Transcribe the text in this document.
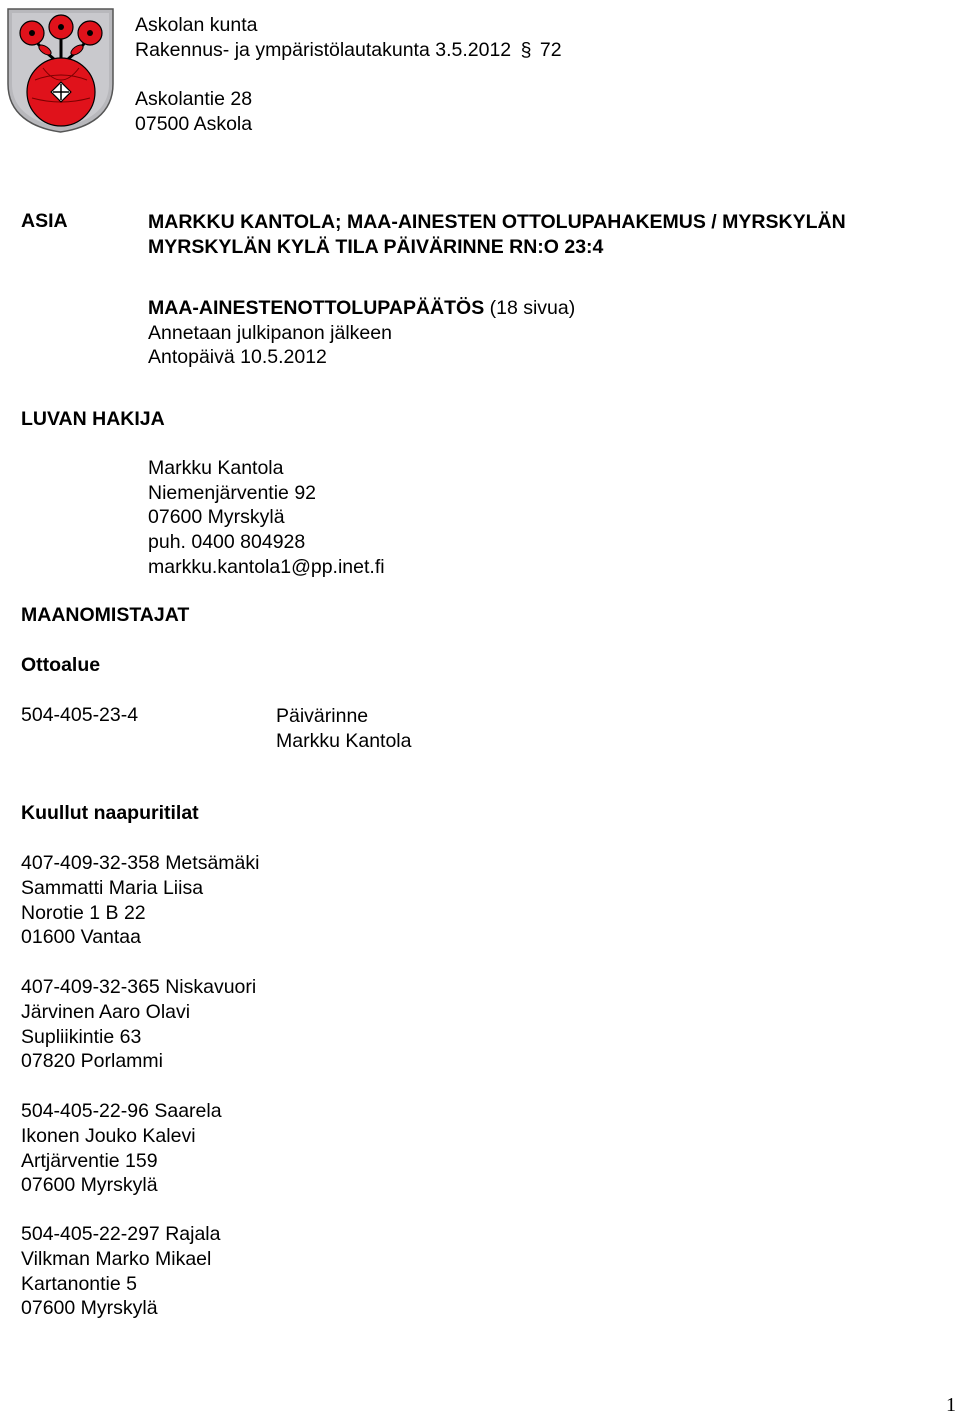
Askolan kunta
Rakennus- ja ympäristölautakunta 3.5.2012 § 72
Askolantie 28
07500 Askola
ASIA	MARKKU KANTOLA; MAA-AINESTEN OTTOLUPAHAKEMUS / MYRSKYLÄN
MYRSKYLÄN KYLÄ TILA PÄIVÄRINNE RN:O 23:4
MAA-AINESTENOTTOLUPAPÄÄTÖS (18 sivua)
Annetaan julkipanon jälkeen
Antopäivä 10.5.2012
LUVAN HAKIJA
Markku Kantola
Niemenjärventie 92
07600 Myrskylä
puh. 0400 804928
markku.kantola1@pp.inet.fi
MAANOMISTAJAT
Ottoalue
504-405-23-4	Päivärinne
Markku Kantola
Kuullut naapuritilat
407-409-32-358 Metsämäki
Sammatti Maria Liisa
Norotie 1 B 22
01600 Vantaa
407-409-32-365 Niskavuori
Järvinen Aaro Olavi
Supliikintie 63
07820 Porlammi
504-405-22-96 Saarela
Ikonen Jouko Kalevi
Artjärventie 159
07600 Myrskylä
504-405-22-297 Rajala
Vilkman Marko Mikael
Kartanontie 5
07600 Myrskylä
1
